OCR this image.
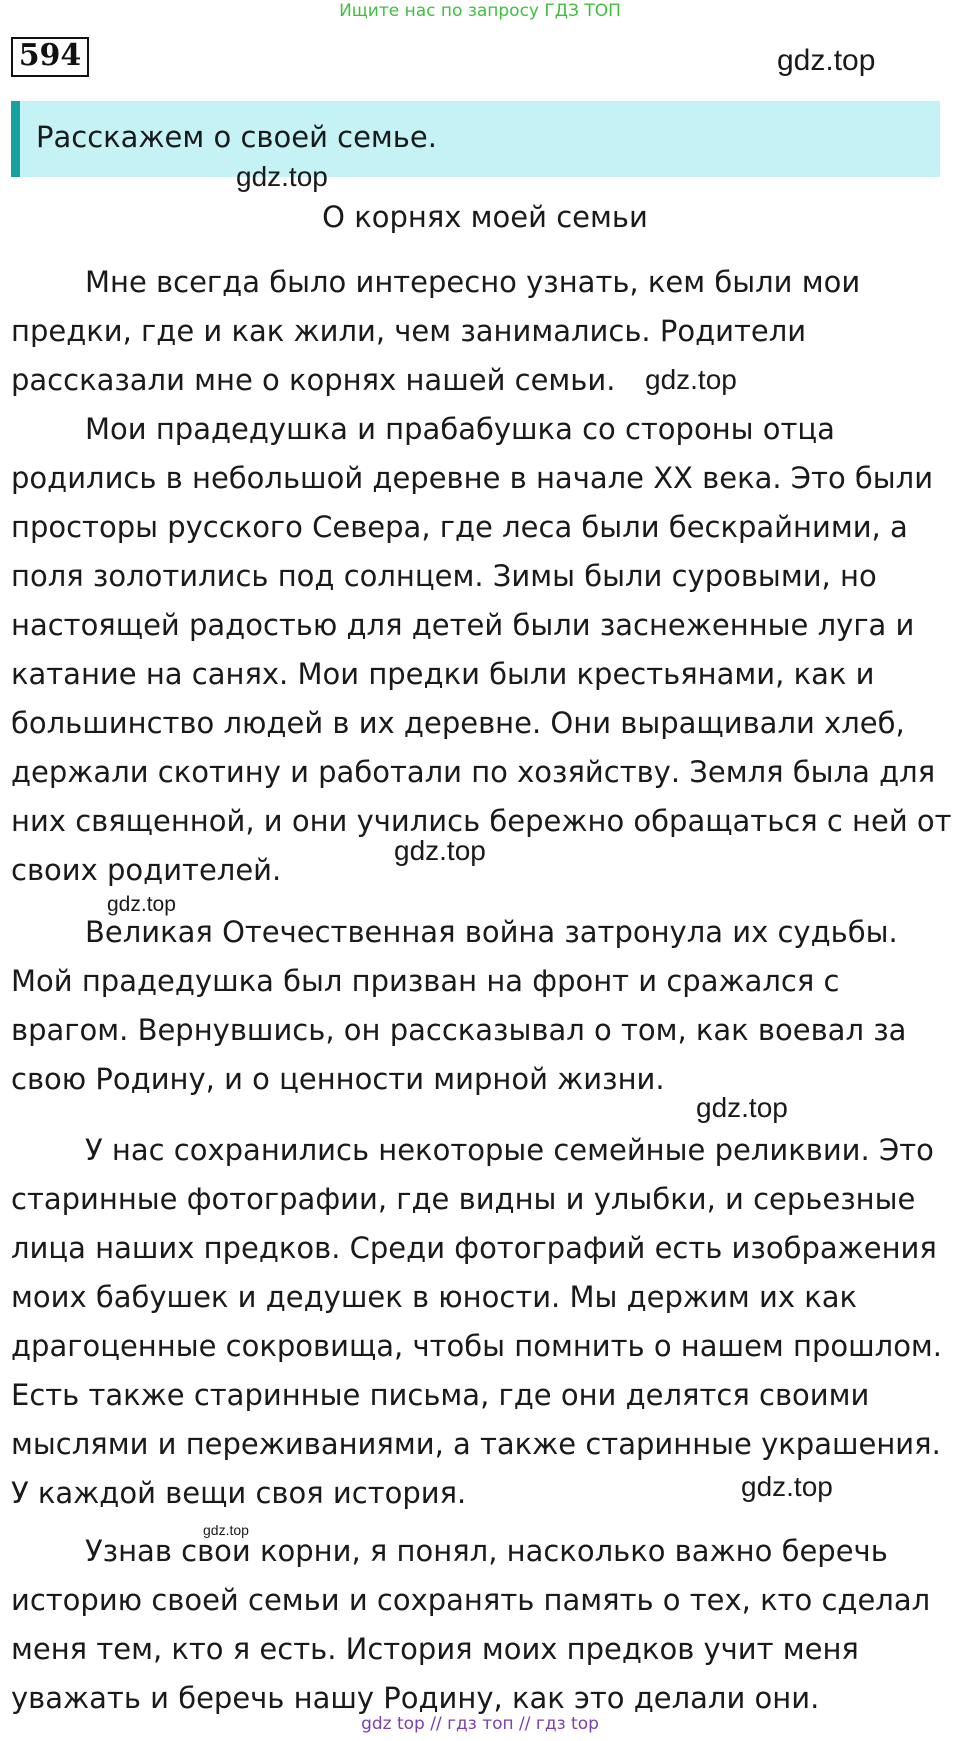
Ищите нас по запросу ГДЗ ТОП
594	gdz.top
Расскажем о своей семье.
gdz.top
О корнях моей семьи

Мне всегда было интересно узнать, кем были мои
предки, где и как жили, чем занимались. Родители
рассказали мне о корнях нашей семьи.	gdz.top

Мои прадедушка и прабабушка со стороны отца
родились в небольшой деревне в начале XX века. Это были
просторы русского Севера, где леса были бескрайними, а
поля золотились под солнцем. Зимы были суровыми, но
настоящей радостью для детей были заснеженные луга и
катание на санях. Мои предки были крестьянами, как и
большинство людей в их деревне. Они выращивали хлеб,
держали скотину и работали по хозяйству. Земля была для
них священной, и они учились бережно обращаться с ней от
своих родителей.

gdz.top
gdz.top

Великая Отечественная война затронула их судьбы.
Мой прадедушка был призван на фронт и сражался с
врагом. Вернувшись, он рассказывал о том, как воевал за
свою Родину, и о ценности мирной жизни.

gdz.top

У нас сохранились некоторые семейные реликвии. Это
старинные фотографии, где видны и улыбки, и серьезные
лица наших предков. Среди фотографий есть изображения
моих бабушек и дедушек в юности. Мы держим их как
драгоценные сокровища, чтобы помнить о нашем прошлом.
Есть также старинные письма, где они делятся своими
мыслями и переживаниями, а также старинные украшения.
У каждой вещи своя история.	gdz.top
gdz.top

Узнав свои корни, я понял, насколько важно беречь
историю своей семьи и сохранять память о тех, кто сделал
меня тем, кто я есть. История моих предков учит меня
уважать и беречь нашу Родину, как это делали они.

gdz top // гдз топ // гдз top
